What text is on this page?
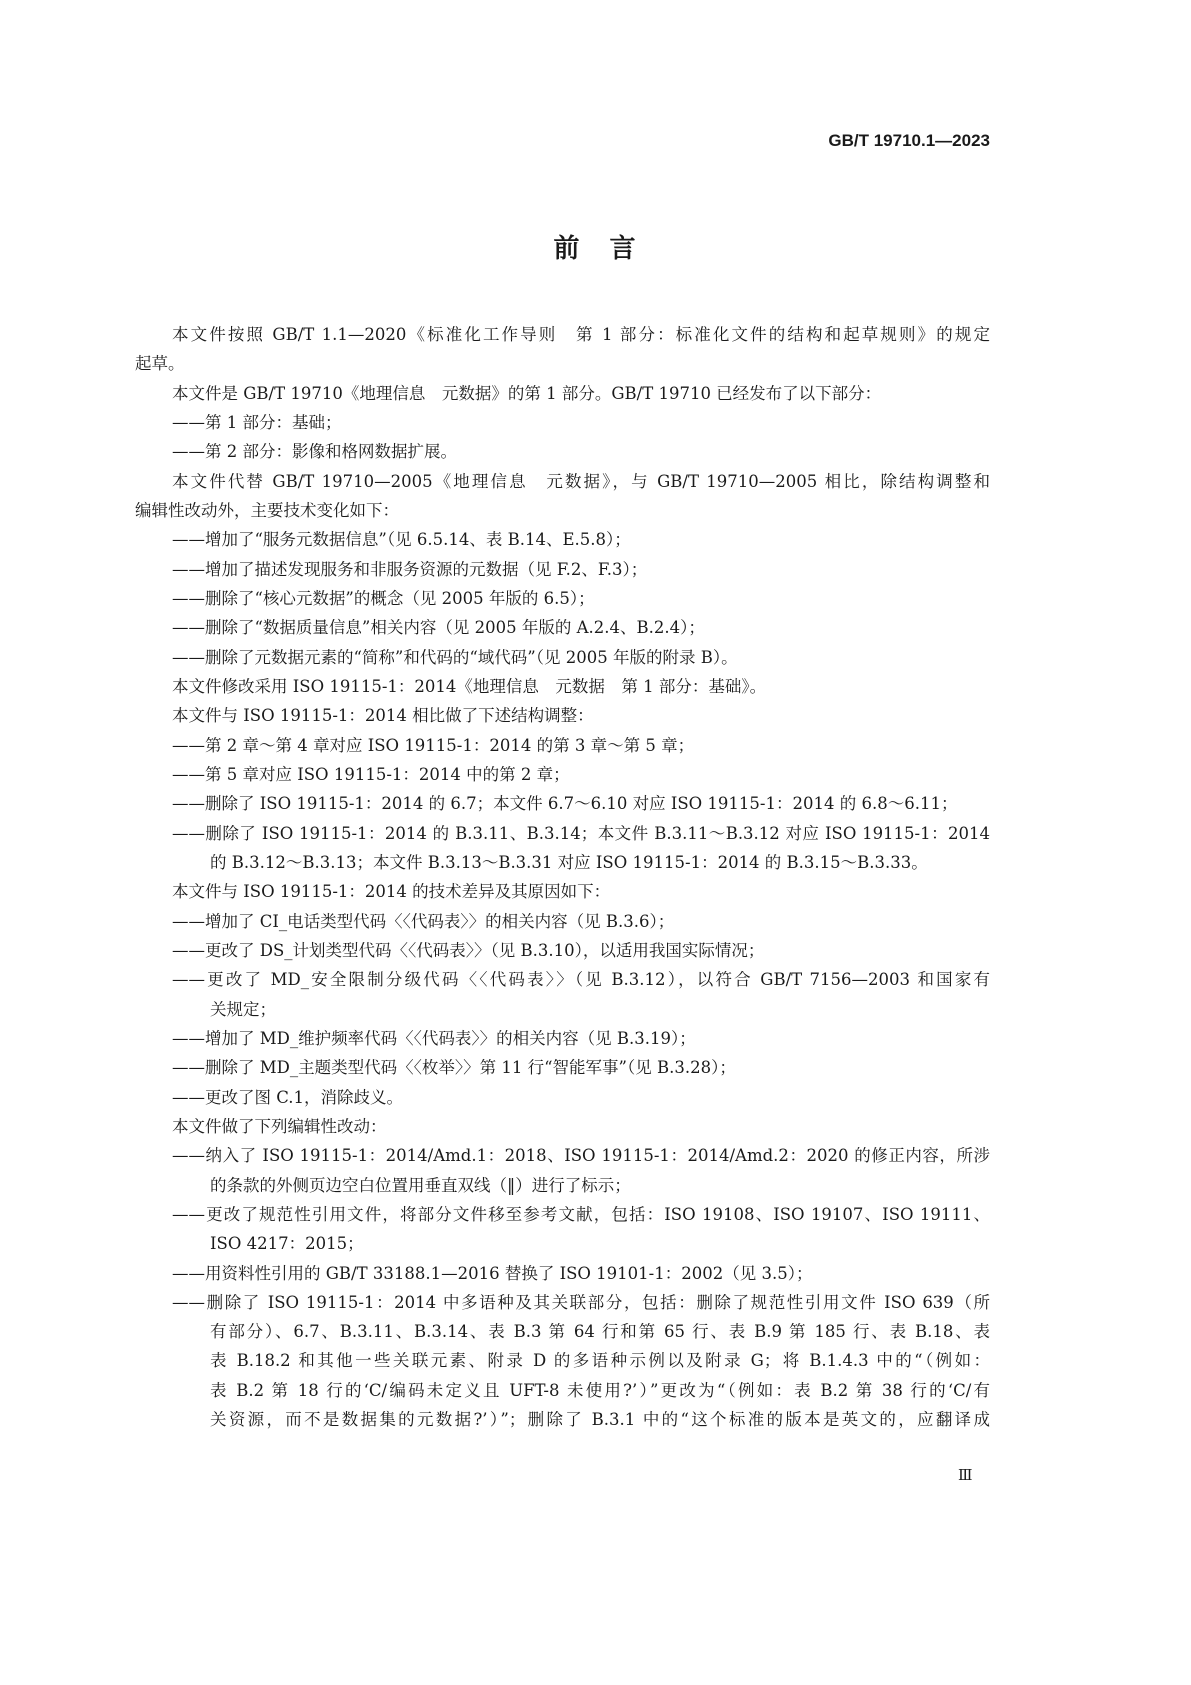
GB/T 19710.1—2023
前　言
本文件按照 GB/T 1.1—2020《标准化工作导则　第 1 部分：标准化文件的结构和起草规则》的规定
起草。
本文件是 GB/T 19710《地理信息　元数据》的第 1 部分。GB/T 19710 已经发布了以下部分：
——第 1 部分：基础；
——第 2 部分：影像和格网数据扩展。
本文件代替 GB/T 19710—2005《地理信息　元数据》，与 GB/T 19710—2005 相比，除结构调整和
编辑性改动外，主要技术变化如下：
——增加了“服务元数据信息”（见 6.5.14、表 B.14、E.5.8）；
——增加了描述发现服务和非服务资源的元数据（见 F.2、F.3）；
——删除了“核心元数据”的概念（见 2005 年版的 6.5）；
——删除了“数据质量信息”相关内容（见 2005 年版的 A.2.4、B.2.4）；
——删除了元数据元素的“简称”和代码的“域代码”（见 2005 年版的附录 B）。
本文件修改采用 ISO 19115-1：2014《地理信息　元数据　第 1 部分：基础》。
本文件与 ISO 19115-1：2014 相比做了下述结构调整：
——第 2 章～第 4 章对应 ISO 19115-1：2014 的第 3 章～第 5 章；
——第 5 章对应 ISO 19115-1：2014 中的第 2 章；
——删除了 ISO 19115-1：2014 的 6.7；本文件 6.7～6.10 对应 ISO 19115-1：2014 的 6.8～6.11；
——删除了 ISO 19115-1：2014 的 B.3.11、B.3.14；本文件 B.3.11～B.3.12 对应 ISO 19115-1：2014
的 B.3.12～B.3.13；本文件 B.3.13～B.3.31 对应 ISO 19115-1：2014 的 B.3.15～B.3.33。
本文件与 ISO 19115-1：2014 的技术差异及其原因如下：
——增加了 CI_电话类型代码〈〈代码表〉〉的相关内容（见 B.3.6）；
——更改了 DS_计划类型代码〈〈代码表〉〉（见 B.3.10），以适用我国实际情况；
——更改了 MD_安全限制分级代码〈〈代码表〉〉（见 B.3.12），以符合 GB/T 7156—2003 和国家有
关规定；
——增加了 MD_维护频率代码〈〈代码表〉〉的相关内容（见 B.3.19）；
——删除了 MD_主题类型代码〈〈枚举〉〉第 11 行“智能军事”（见 B.3.28）；
——更改了图 C.1，消除歧义。
本文件做了下列编辑性改动：
——纳入了 ISO 19115-1：2014/Amd.1：2018、ISO 19115-1：2014/Amd.2：2020 的修正内容，所涉
的条款的外侧页边空白位置用垂直双线（‖）进行了标示；
——更改了规范性引用文件，将部分文件移至参考文献，包括：ISO 19108、ISO 19107、ISO 19111、
ISO 4217：2015；
——用资料性引用的 GB/T 33188.1—2016 替换了 ISO 19101-1：2002（见 3.5）；
——删除了 ISO 19115-1：2014 中多语种及其关联部分，包括：删除了规范性引用文件 ISO 639（所
有部分）、6.7、B.3.11、B.3.14、表 B.3 第 64 行和第 65 行、表 B.9 第 185 行、表 B.18、表
表 B.18.2 和其他一些关联元素、附录 D 的多语种示例以及附录 G；将 B.1.4.3 中的“（例如：
表 B.2 第 18 行的‘C/编码未定义且 UFT-8 未使用?’）”更改为“（例如：表 B.2 第 38 行的‘C/有
关资源，而不是数据集的元数据?’）”；删除了 B.3.1 中的“这个标准的版本是英文的，应翻译成
Ⅲ
